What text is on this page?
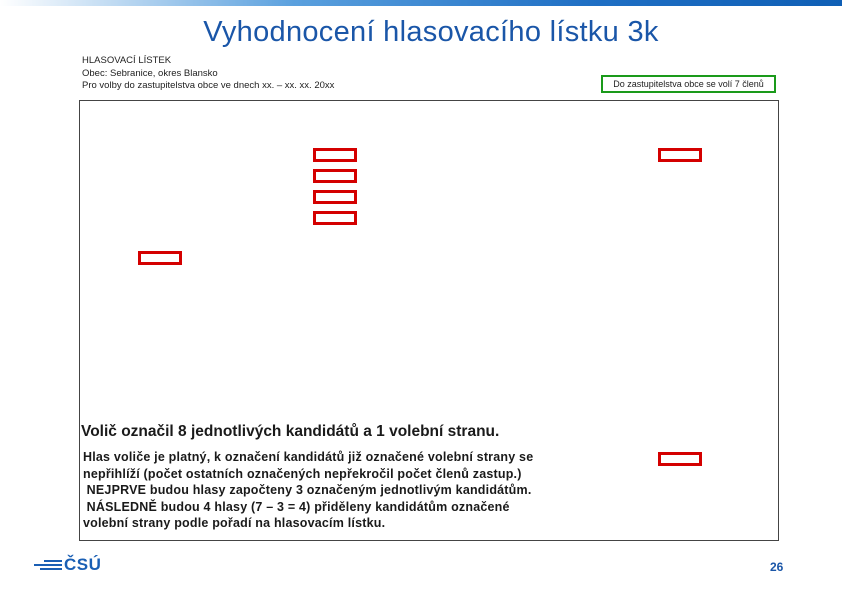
Vyhodnocení hlasovacího lístku 3k
HLASOVACÍ LÍSTEK
Obec: Sebranice, okres Blansko
Pro volby do zastupitelstva obce ve dnech xx. – xx. xx. 20xx	Do zastupitelstva obce se volí 7 členů
Volič označil 8 jednotlivých kandidátů a 1 volební stranu.
Hlas voliče je platný, k označení kandidátů již označené volební strany se
nepřihlíží (počet ostatních označených nepřekročil počet členů zastup.)
NEJPRVE budou hlasy započteny 3 označeným jednotlivým kandidátům.
NÁSLEDNĚ budou 4 hlasy (7 – 3 = 4) přiděleny kandidátům označené
volební strany podle pořadí na hlasovacím lístku.
ČSÚ	26
